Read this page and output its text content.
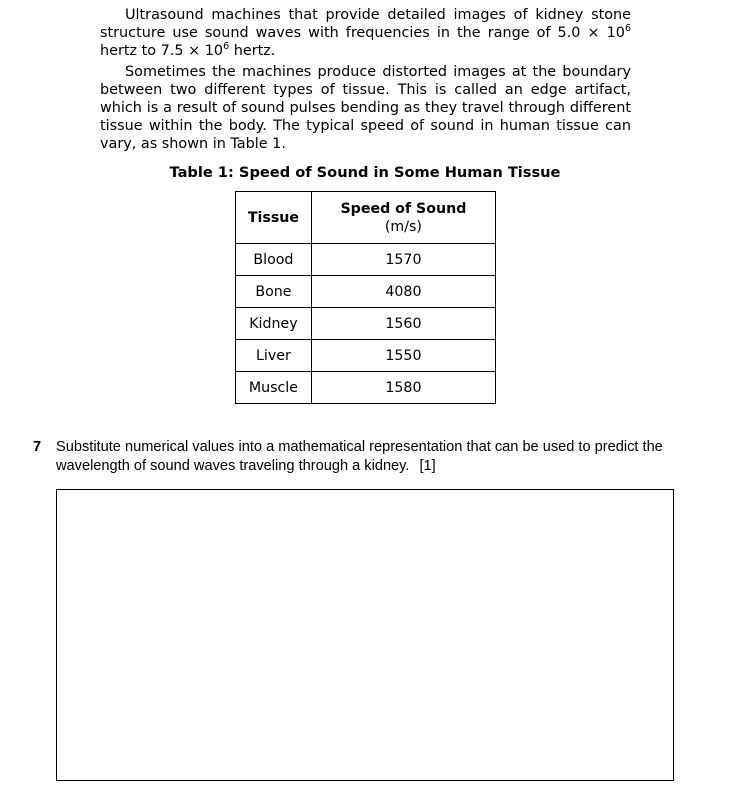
Ultrasound machines that provide detailed images of kidney stone structure use sound waves with frequencies in the range of $5.0 \times 10^6$ hertz to $7.5 \times 10^6$ hertz.

Sometimes the machines produce distorted images at the boundary between two different types of tissue. This is called an edge artifact, which is a result of sound pulses bending as they travel through different tissue within the body. The typical speed of sound in human tissue can vary, as shown in Table 1.

Table 1: Speed of Sound in Some Human Tissue
Tissue	Speed of Sound
(m/s)

Blood	1570
Bone	4080
Kidney	1560
Liver	1550
Muscle	1580
7 Substitute numerical values into a mathematical representation that can be used to predict the wavelength of sound waves traveling through a kidney. [1]
